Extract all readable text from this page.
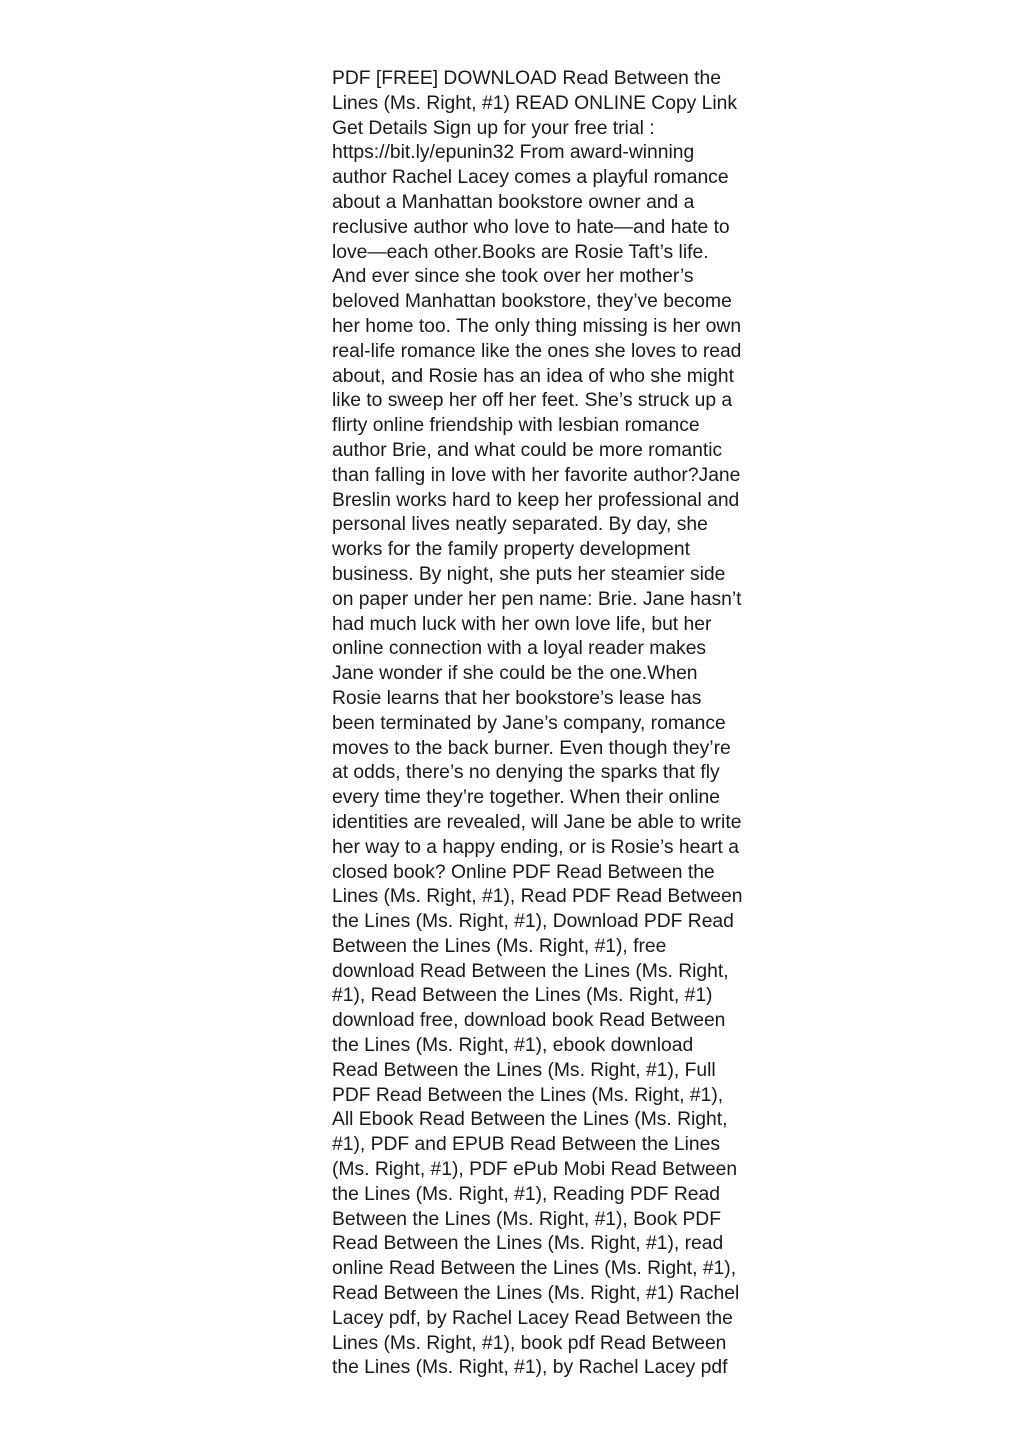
PDF [FREE] DOWNLOAD Read Between the
Lines (Ms. Right, #1) READ ONLINE Copy Link
Get Details Sign up for your free trial :
https://bit.ly/epunin32 From award-winning
author Rachel Lacey comes a playful romance
about a Manhattan bookstore owner and a
reclusive author who love to hate—and hate to
love—each other.Books are Rosie Taft’s life.
And ever since she took over her mother’s
beloved Manhattan bookstore, they’ve become
her home too. The only thing missing is her own
real-life romance like the ones she loves to read
about, and Rosie has an idea of who she might
like to sweep her off her feet. She’s struck up a
flirty online friendship with lesbian romance
author Brie, and what could be more romantic
than falling in love with her favorite author?Jane
Breslin works hard to keep her professional and
personal lives neatly separated. By day, she
works for the family property development
business. By night, she puts her steamier side
on paper under her pen name: Brie. Jane hasn’t
had much luck with her own love life, but her
online connection with a loyal reader makes
Jane wonder if she could be the one.When
Rosie learns that her bookstore’s lease has
been terminated by Jane’s company, romance
moves to the back burner. Even though they’re
at odds, there’s no denying the sparks that fly
every time they’re together. When their online
identities are revealed, will Jane be able to write
her way to a happy ending, or is Rosie’s heart a
closed book? Online PDF Read Between the
Lines (Ms. Right, #1), Read PDF Read Between
the Lines (Ms. Right, #1), Download PDF Read
Between the Lines (Ms. Right, #1), free
download Read Between the Lines (Ms. Right,
#1), Read Between the Lines (Ms. Right, #1)
download free, download book Read Between
the Lines (Ms. Right, #1), ebook download
Read Between the Lines (Ms. Right, #1), Full
PDF Read Between the Lines (Ms. Right, #1),
All Ebook Read Between the Lines (Ms. Right,
#1), PDF and EPUB Read Between the Lines
(Ms. Right, #1), PDF ePub Mobi Read Between
the Lines (Ms. Right, #1), Reading PDF Read
Between the Lines (Ms. Right, #1), Book PDF
Read Between the Lines (Ms. Right, #1), read
online Read Between the Lines (Ms. Right, #1),
Read Between the Lines (Ms. Right, #1) Rachel
Lacey pdf, by Rachel Lacey Read Between the
Lines (Ms. Right, #1), book pdf Read Between
the Lines (Ms. Right, #1), by Rachel Lacey pdf
